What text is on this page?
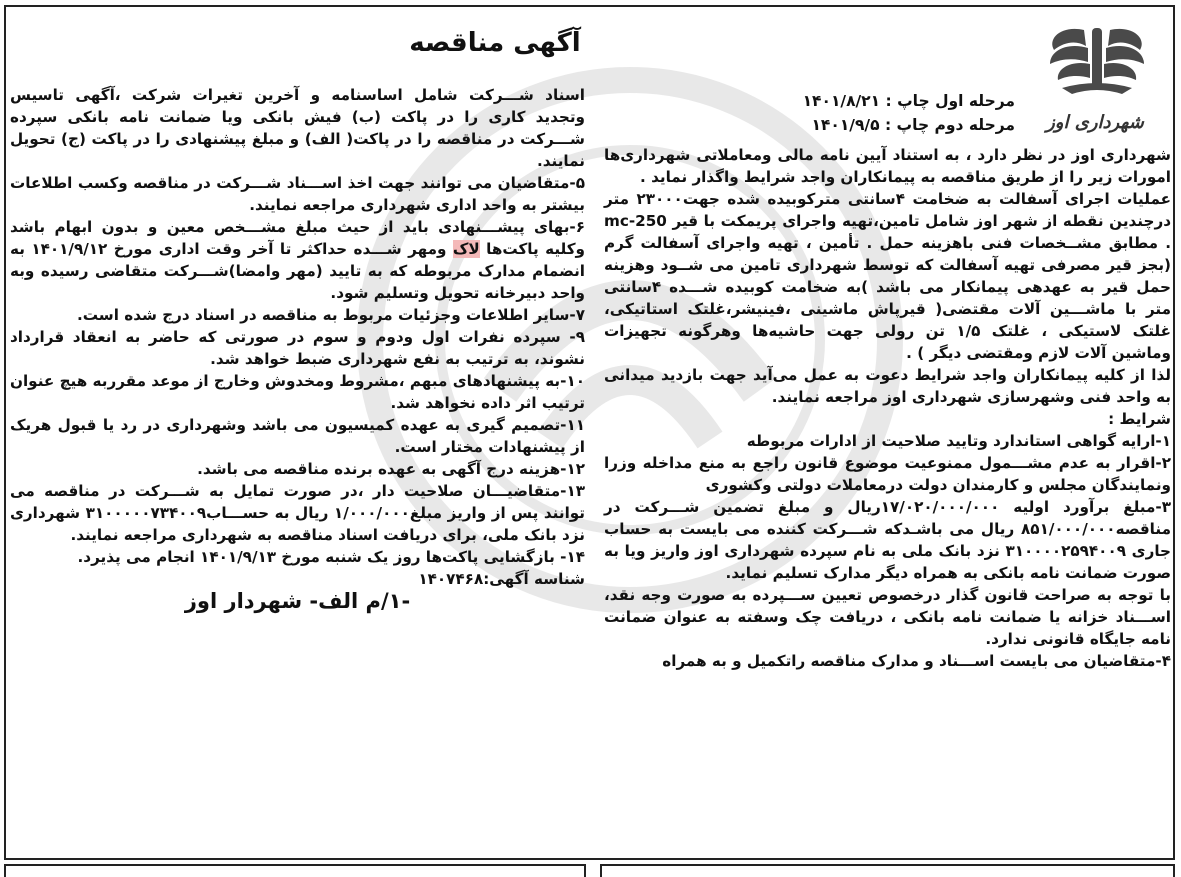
شهرداری اوز
آگهی مناقصه
مرحله اول چاپ : ۱۴۰۱/۸/۲۱
مرحله دوم چاپ : ۱۴۰۱/۹/۵

شهرداری اوز در نظر دارد ، به استناد آیین نامه مالی ومعاملاتی شهرداری‌ها امورات زیر را از طریق مناقصه به پیمانکاران واجد شرایط واگذار نماید .

عملیات اجرای آسفالت به ضخامت ۴سانتی مترکوبیده شده جهت۲۳۰۰۰ متر درچندین نقطه از شهر اوز شامل تامین،تهیه واجرای پریمکت با قیر mc-250 . مطابق مشــخصات فنی باهزینه حمل . تأمین ، تهیه واجرای آسفالت گرم (بجز قیر مصرفی تهیه آسفالت که توسط شهرداری تامین می شــود وهزینه حمل قیر به عهدهی پیمانکار می باشد )به ضخامت کوبیده شـــده ۴سانتی متر با ماشـــین آلات مقتضی( قیرپاش ماشینی ،فینیشر،غلتک استاتیکی، غلتک لاستیکی ، غلتک ۱/۵ تن رولی جهت حاشیه‌ها وهرگونه تجهیزات وماشین آلات لازم ومقتضی دیگر ) .

لذا از کلیه پیمانکاران واجد شرایط دعوت به عمل می‌آید جهت بازدید میدانی به واحد فنی وشهرسازی شهرداری اوز مراجعه نمایند.

شرایط :

۱-ارایه گواهی استاندارد وتایید صلاحیت از ادارات مربوطه

۲-اقرار به عدم مشـــمول ممنوعیت موضوع قانون راجع به منع مداخله وزرا ونمایندگان مجلس و کارمندان دولت درمعاملات دولتی وکشوری

۳-مبلغ برآورد اولیه ۱۷/۰۲۰/۰۰۰/۰۰۰ریال و مبلغ تضمین شـــرکت در مناقصه۸۵۱/۰۰۰/۰۰۰ ریال می باشـدکه شـــرکت کننده می بایست به حساب جاری ۳۱۰۰۰۰۲۵۹۴۰۰۹ نزد بانک ملی به نام سپرده شهرداری اوز واریز ویا به صورت ضمانت نامه بانکی به همراه دیگر مدارک تسلیم نماید.

با توجه به صراحت قانون گذار درخصوص تعیین ســـپرده به صورت وجه نقد، اســـناد خزانه یا ضمانت نامه بانکی ، دریافت چک وسفته به عنوان ضمانت نامه جایگاه قانونی ندارد.

۴-متقاضیان می بایست اســـناد و مدارک مناقصه راتکمیل و به همراه

اسناد شـــرکت شامل اساسنامه و آخرین تغیرات شرکت ،آگهی تاسیس وتجدید کاری را در پاکت (ب) فیش بانکی ویا ضمانت نامه بانکی سپرده شـــرکت در مناقصه را در پاکت( الف) و مبلغ پیشنهادی را در پاکت (ج) تحویل نمایند.

۵-متقاضیان می توانند جهت اخذ اســـناد شـــرکت در مناقصه وکسب اطلاعات بیشتر به واحد اداری شهرداری مراجعه نمایند.

۶-بهای پیشـــنهادی باید از حیث مبلغ مشـــخص معین و بدون ابهام باشد وکلیه پاکت‌ها لاک ومهر شـــده حداکثر تا آخر وقت اداری مورخ ۱۴۰۱/۹/۱۲ به انضمام مدارک مربوطه که به تایید (مهر وامضا)شـــرکت متقاضی رسیده وبه واحد دبیرخانه تحویل وتسلیم شود.

۷-سایر اطلاعات وجزئیات مربوط به مناقصه در اسناد درج شده است.

۹- سپرده نفرات اول ودوم و سوم در صورتی که حاضر به انعقاد قرارداد نشوند، به ترتیب به نفع شهرداری ضبط خواهد شد.

۱۰-به پیشنهادهای مبهم ،مشروط ومخدوش وخارج از موعد مقرربه هیچ عنوان ترتیب اثر داده نخواهد شد.

۱۱-تصمیم گیری به عهده کمیسیون می باشد وشهرداری در رد یا قبول هریک از پیشنهادات مختار است.

۱۲-هزینه درج آگهی به عهده برنده مناقصه می باشد.

۱۳-متقاضیـــان صلاحیت دار ،در صورت تمایل به شـــرکت در مناقصه می توانند پس از واریز مبلغ۱/۰۰۰/۰۰۰ ریال به حســـاب۳۱۰۰۰۰۰۷۳۴۰۰۹ شهرداری نزد بانک ملی، برای دریافت اسناد مناقصه به شهرداری مراجعه نمایند.

۱۴- بازگشایی پاکت‌ها روز یک شنبه مورخ ۱۴۰۱/۹/۱۳ انجام می پذیرد.

شناسه آگهی:۱۴۰۷۴۶۸

-۱/م الف- شهردار اوز
